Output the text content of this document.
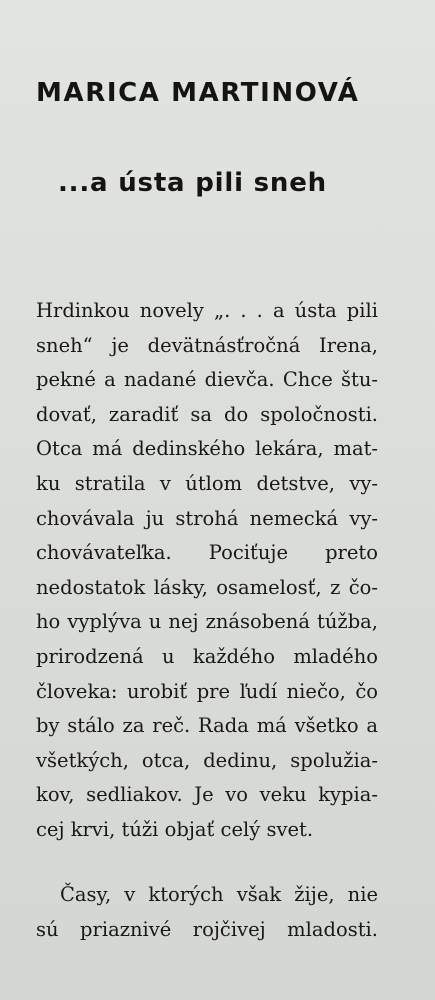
MARICA MARTINOVÁ
...a ústa pili sneh
Hrdinkou novely „. . . a ústa pili
sneh“ je devätnásťročná Irena,
pekné a nadané dievča. Chce štu-
dovať, zaradiť sa do spoločnosti.
Otca má dedinského lekára, mat-
ku stratila v útlom detstve, vy-
chovávala ju strohá nemecká vy-
chovávateľka. Pociťuje preto
nedostatok lásky, osamelosť, z čo-
ho vyplýva u nej znásobená túžba,
prirodzená u každého mladého
človeka: urobiť pre ľudí niečo, čo
by stálo za reč. Rada má všetko a
všetkých, otca, dedinu, spolužia-
kov, sedliakov. Je vo veku kypia-
cej krvi, túži objať celý svet.
Časy, v ktorých však žije, nie
sú priaznivé rojčivej mladosti.
